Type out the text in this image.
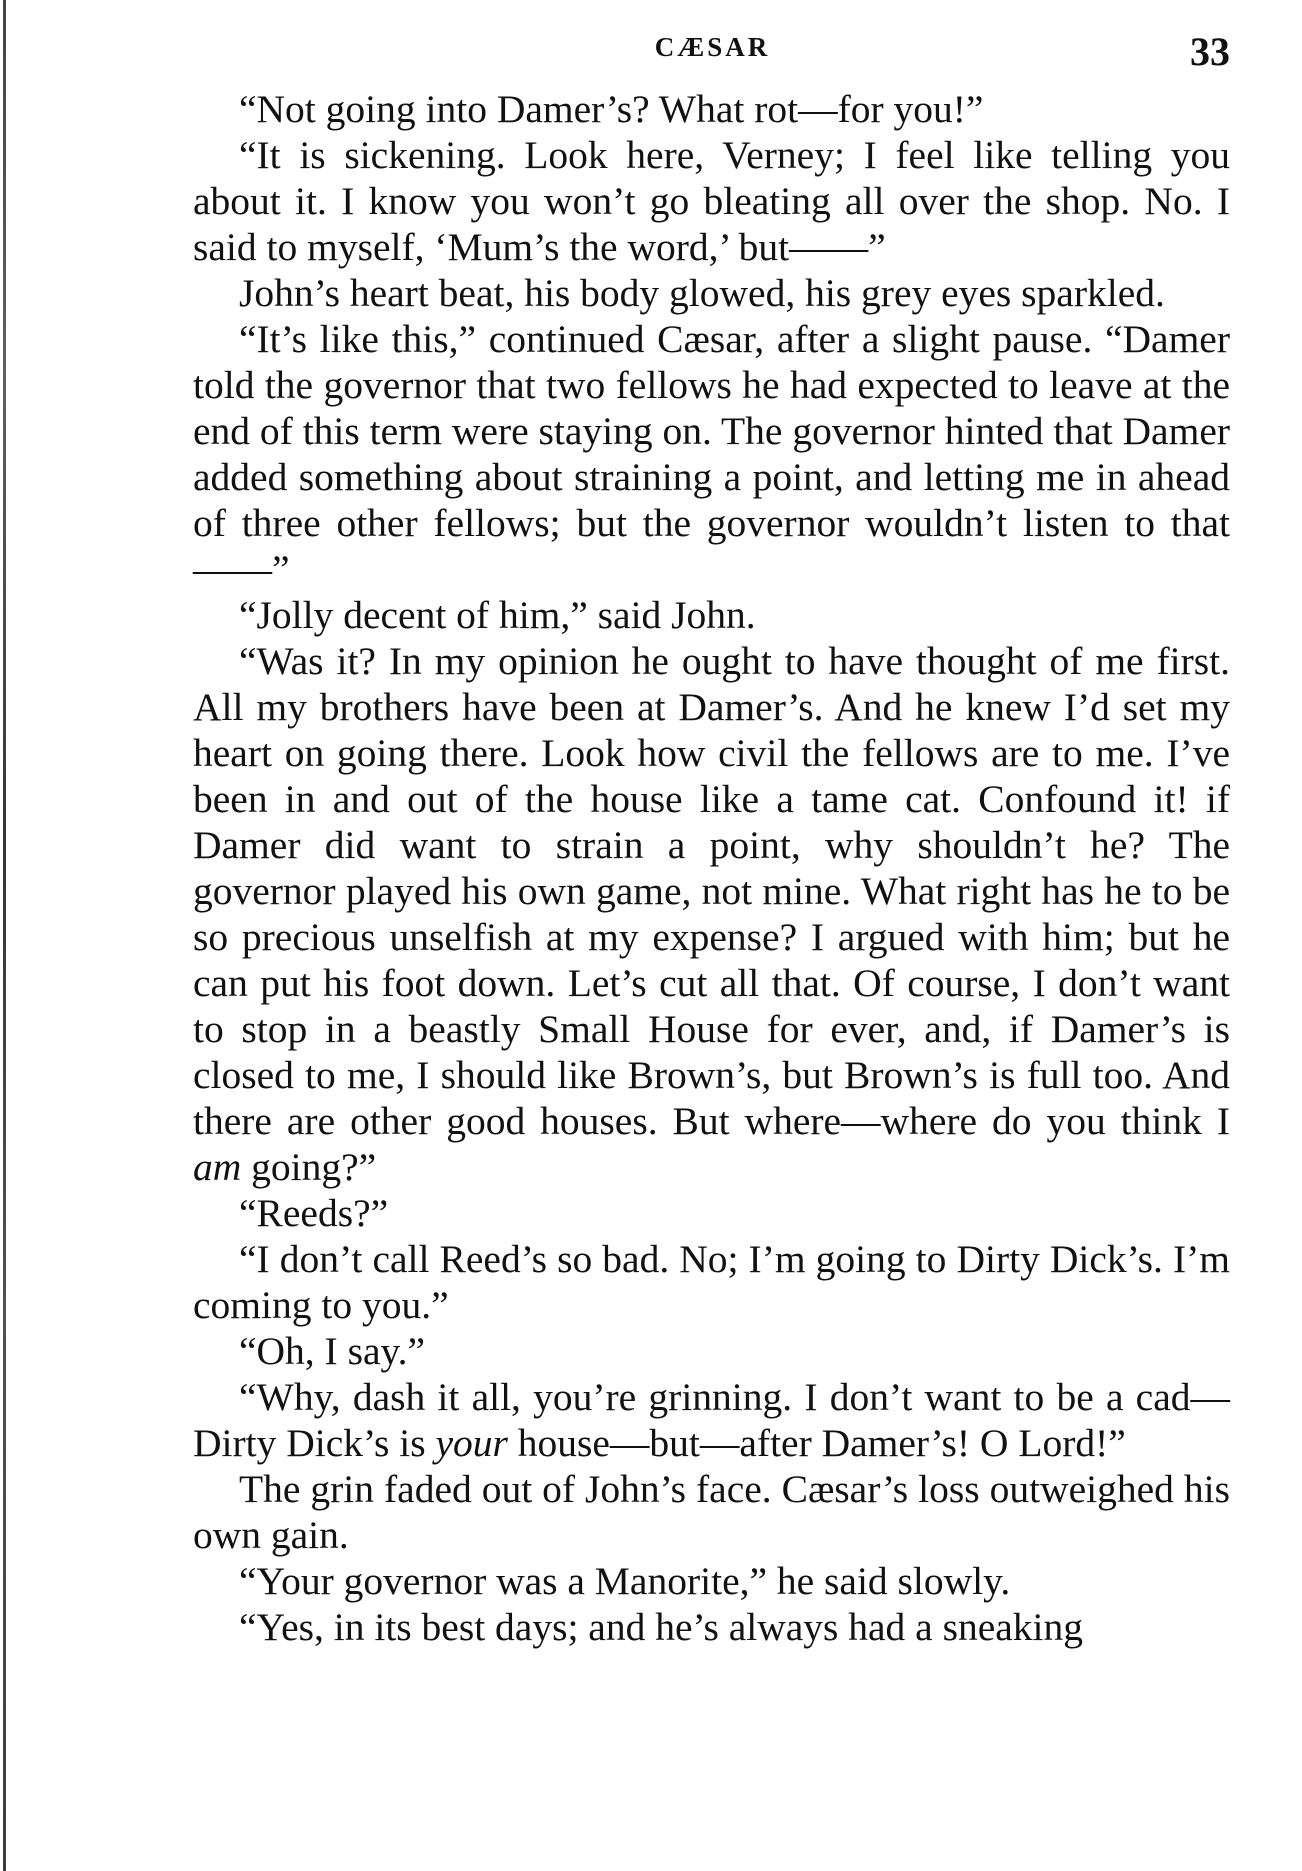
CÆSAR	33

“Not going into Damer’s? What rot—for you!”

“It is sickening. Look here, Verney; I feel like telling you about it. I know you won’t go bleating all over the shop. No. I said to myself, ‘Mum’s the word,’ but——”

John’s heart beat, his body glowed, his grey eyes sparkled.

“It’s like this,” continued Cæsar, after a slight pause. “Damer told the governor that two fellows he had expected to leave at the end of this term were staying on. The governor hinted that Damer added something about straining a point, and letting me in ahead of three other fellows; but the governor wouldn’t listen to that——”

“Jolly decent of him,” said John.

“Was it? In my opinion he ought to have thought of me first. All my brothers have been at Damer’s. And he knew I’d set my heart on going there. Look how civil the fellows are to me. I’ve been in and out of the house like a tame cat. Confound it! if Damer did want to strain a point, why shouldn’t he? The governor played his own game, not mine. What right has he to be so precious unselfish at my expense? I argued with him; but he can put his foot down. Let’s cut all that. Of course, I don’t want to stop in a beastly Small House for ever, and, if Damer’s is closed to me, I should like Brown’s, but Brown’s is full too. And there are other good houses. But where—where do you think I am going?”

“Reeds?”

“I don’t call Reed’s so bad. No; I’m going to Dirty Dick’s. I’m coming to you.”

“Oh, I say.”

“Why, dash it all, you’re grinning. I don’t want to be a cad—Dirty Dick’s is your house—but—after Damer’s! O Lord!”

The grin faded out of John’s face. Cæsar’s loss outweighed his own gain.

“Your governor was a Manorite,” he said slowly.

“Yes, in its best days; and he’s always had a sneaking
